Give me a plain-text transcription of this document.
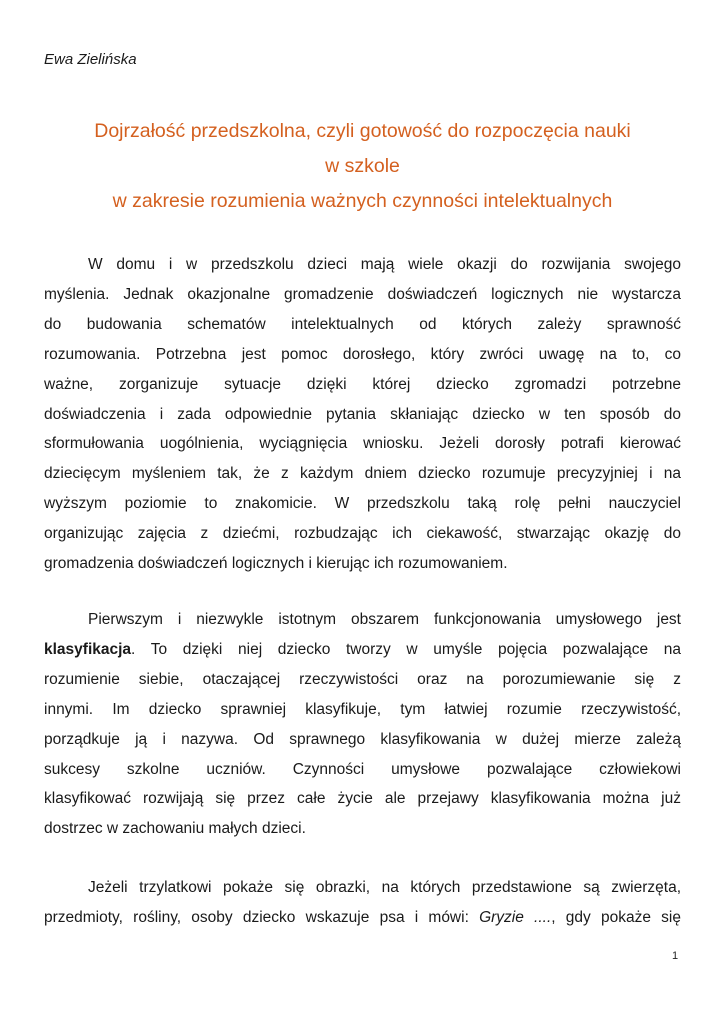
Ewa Zielińska
Dojrzałość przedszkolna, czyli gotowość do rozpoczęcia nauki
w szkole
w zakresie rozumienia ważnych czynności intelektualnych
W domu i w przedszkolu dzieci mają wiele okazji do rozwijania swojego
myślenia. Jednak okazjonalne gromadzenie doświadczeń logicznych nie wystarcza
do budowania schematów intelektualnych od których zależy sprawność
rozumowania. Potrzebna jest pomoc dorosłego, który zwróci uwagę na to, co
ważne, zorganizuje sytuacje dzięki której dziecko zgromadzi potrzebne
doświadczenia i zada odpowiednie pytania skłaniając dziecko w ten sposób do
sformułowania uogólnienia, wyciągnięcia wniosku. Jeżeli dorosły potrafi kierować
dziecięcym myśleniem tak, że z każdym dniem dziecko rozumuje precyzyjniej i na
wyższym poziomie to znakomicie. W przedszkolu taką rolę pełni nauczyciel
organizując zajęcia z dziećmi, rozbudzając ich ciekawość, stwarzając okazję do
gromadzenia doświadczeń logicznych i kierując ich rozumowaniem.
Pierwszym i niezwykle istotnym obszarem funkcjonowania umysłowego jest
klasyfikacja. To dzięki niej dziecko tworzy w umyśle pojęcia pozwalające na
rozumienie siebie, otaczającej rzeczywistości oraz na porozumiewanie się z
innymi. Im dziecko sprawniej klasyfikuje, tym łatwiej rozumie rzeczywistość,
porządkuje ją i nazywa. Od sprawnego klasyfikowania w dużej mierze zależą
sukcesy szkolne uczniów. Czynności umysłowe pozwalające człowiekowi
klasyfikować rozwijają się przez całe życie ale przejawy klasyfikowania można już
dostrzec w zachowaniu małych dzieci.
Jeżeli trzylatkowi pokaże się obrazki, na których przedstawione są zwierzęta,
przedmioty, rośliny, osoby dziecko wskazuje psa i mówi: Gryzie ...., gdy pokaże się
1
